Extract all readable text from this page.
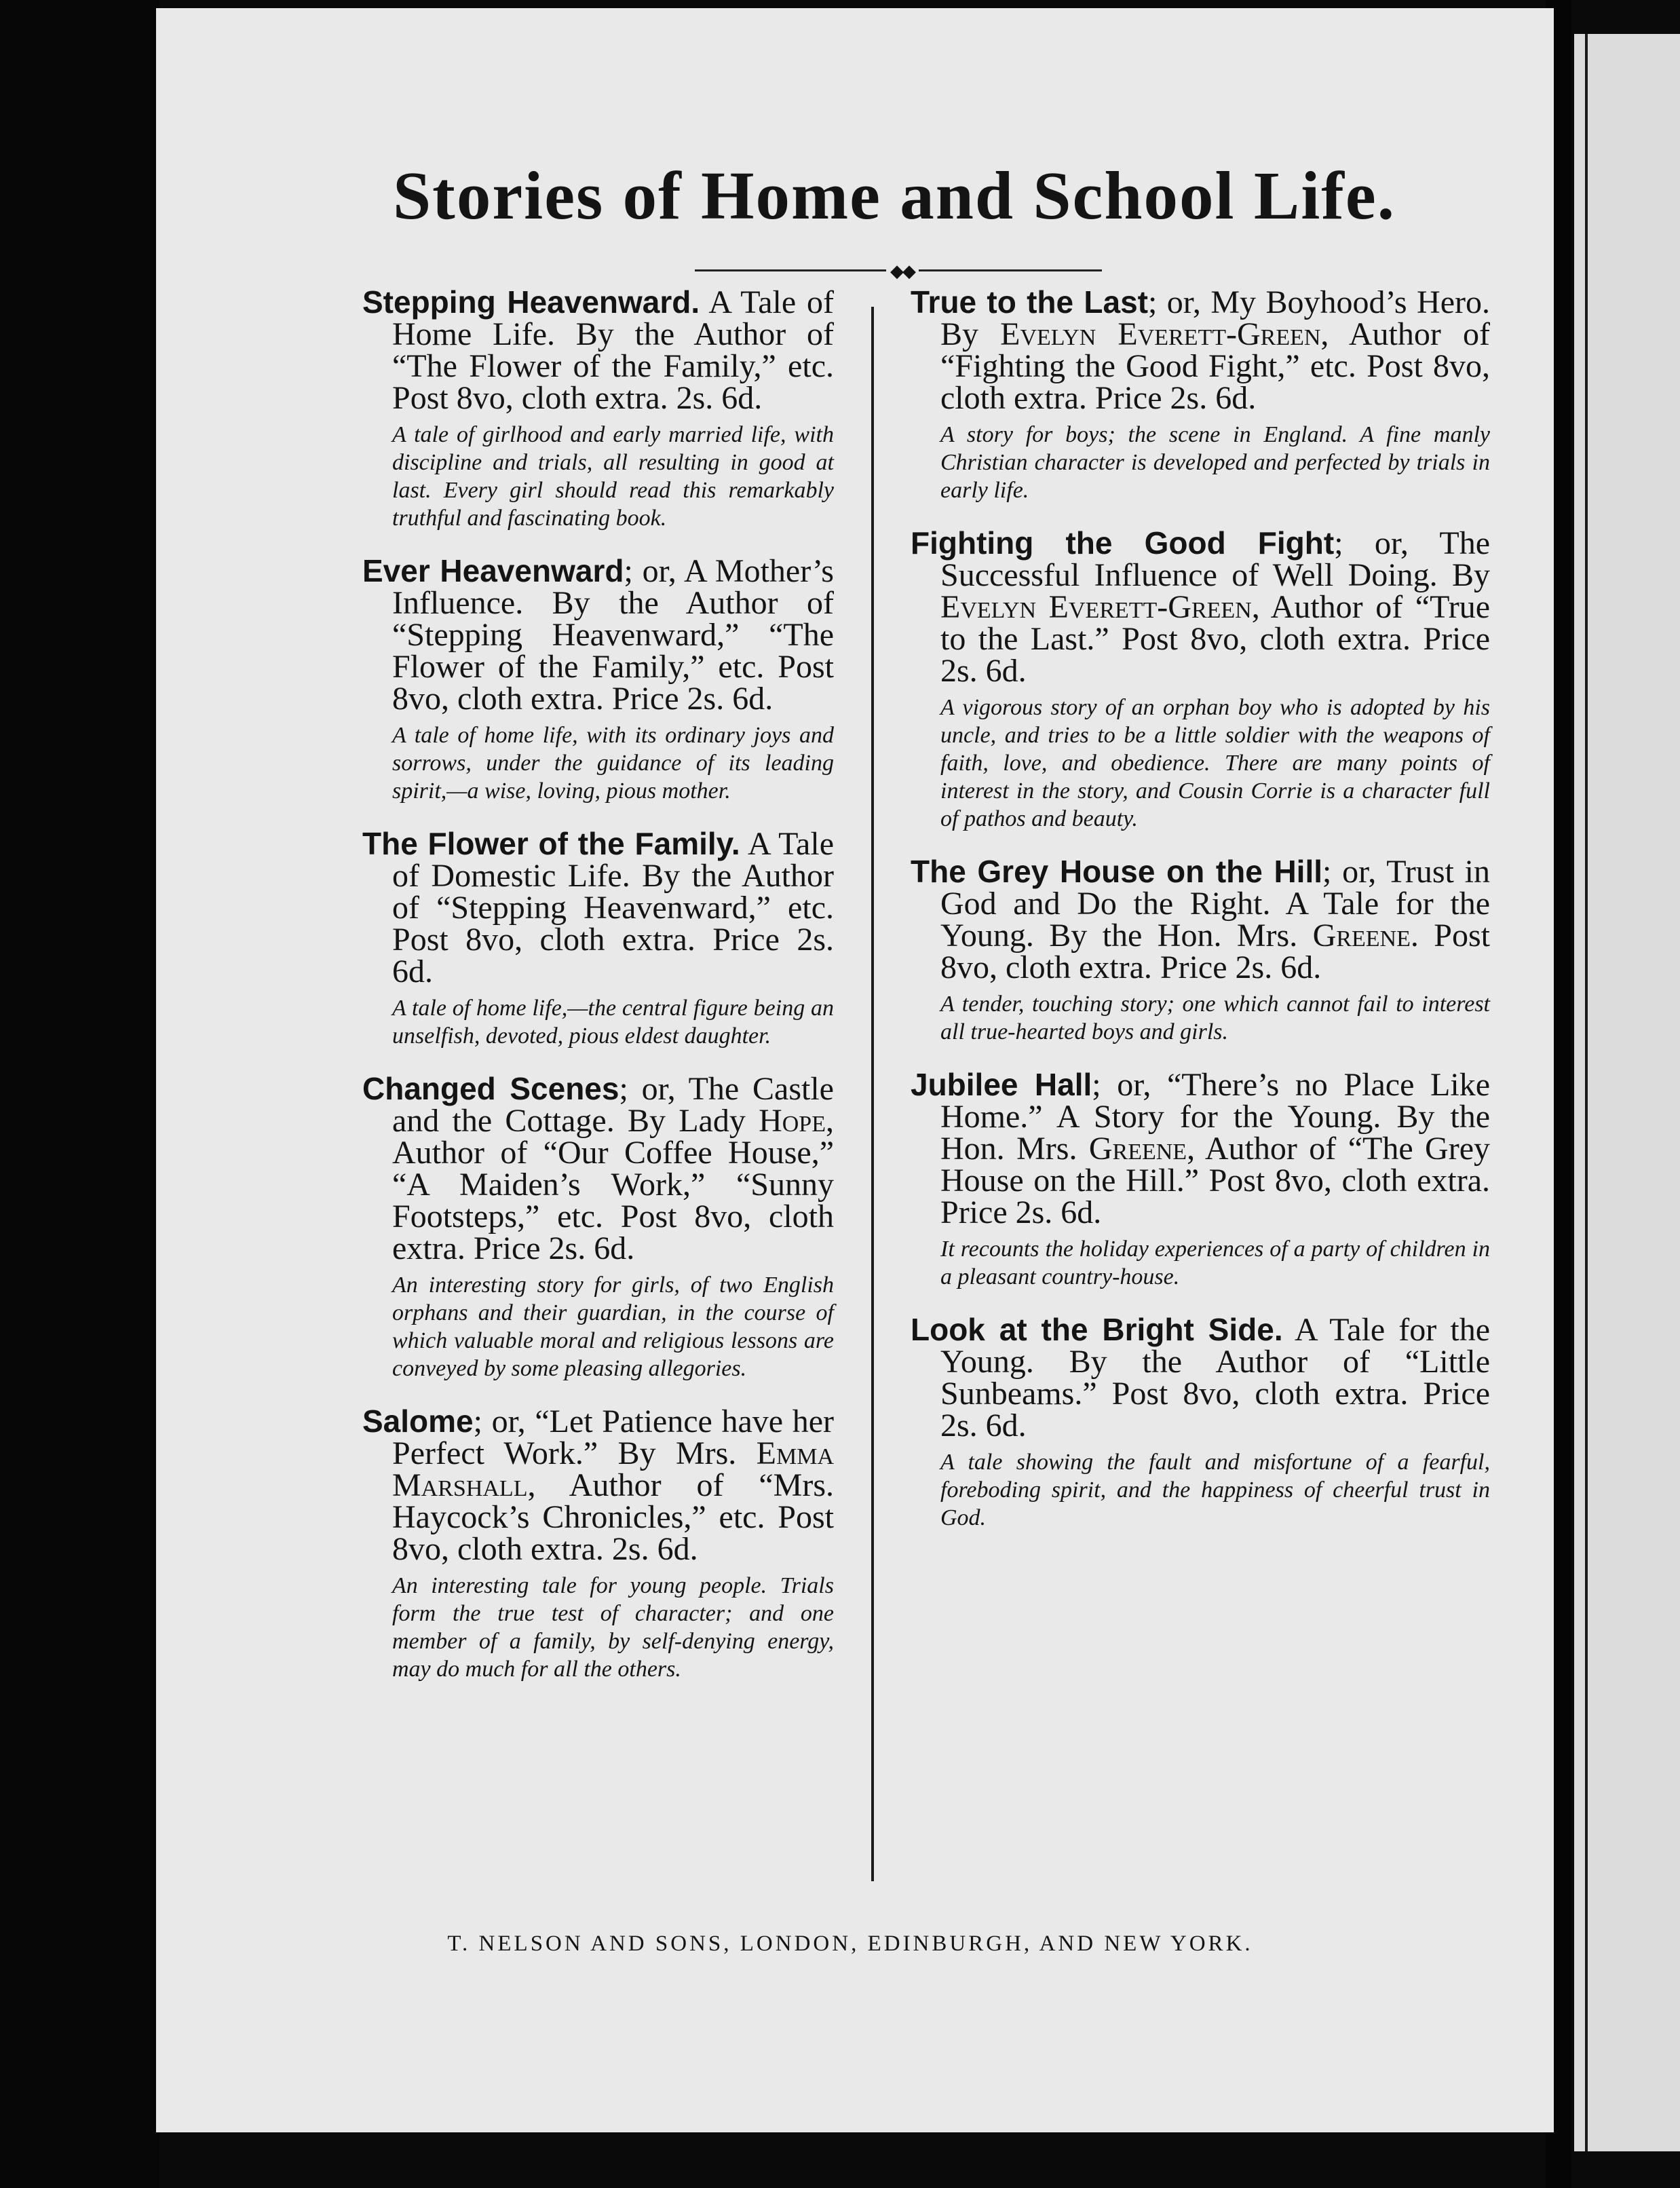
Stories of Home and School Life.
◆
◆

Stepping Heavenward. A Tale of Home Life. By the Author of “The Flower of the Family,” etc. Post 8vo, cloth extra. 2s. 6d.

A tale of girlhood and early married life, with discipline and trials, all resulting in good at last. Every girl should read this remarkably truthful and fascinating book.

Ever Heavenward; or, A Mother’s Influence. By the Author of “Stepping Heavenward,” “The Flower of the Family,” etc. Post 8vo, cloth extra. Price 2s. 6d.

A tale of home life, with its ordinary joys and sorrows, under the guidance of its leading spirit,—a wise, loving, pious mother.

The Flower of the Family. A Tale of Domestic Life. By the Author of “Stepping Heavenward,” etc. Post 8vo, cloth extra. Price 2s. 6d.

A tale of home life,—the central figure being an unselfish, devoted, pious eldest daughter.

Changed Scenes; or, The Castle and the Cottage. By Lady Hope, Author of “Our Coffee House,” “A Maiden’s Work,” “Sunny Footsteps,” etc. Post 8vo, cloth extra. Price 2s. 6d.

An interesting story for girls, of two English orphans and their guardian, in the course of which valuable moral and religious lessons are conveyed by some pleasing allegories.

Salome; or, “Let Patience have her Perfect Work.” By Mrs. Emma Marshall, Author of “Mrs. Haycock’s Chronicles,” etc. Post 8vo, cloth extra. 2s. 6d.

An interesting tale for young people. Trials form the true test of character; and one member of a family, by self-denying energy, may do much for all the others.

True to the Last; or, My Boyhood’s Hero. By Evelyn Everett-Green, Author of “Fighting the Good Fight,” etc. Post 8vo, cloth extra. Price 2s. 6d.

A story for boys; the scene in England. A fine manly Christian character is developed and perfected by trials in early life.

Fighting the Good Fight; or, The Successful Influence of Well Doing. By Evelyn Everett-Green, Author of “True to the Last.” Post 8vo, cloth extra. Price 2s. 6d.

A vigorous story of an orphan boy who is adopted by his uncle, and tries to be a little soldier with the weapons of faith, love, and obedience. There are many points of interest in the story, and Cousin Corrie is a character full of pathos and beauty.

The Grey House on the Hill; or, Trust in God and Do the Right. A Tale for the Young. By the Hon. Mrs. Greene. Post 8vo, cloth extra. Price 2s. 6d.

A tender, touching story; one which cannot fail to interest all true-hearted boys and girls.

Jubilee Hall; or, “There’s no Place Like Home.” A Story for the Young. By the Hon. Mrs. Greene, Author of “The Grey House on the Hill.” Post 8vo, cloth extra. Price 2s. 6d.

It recounts the holiday experiences of a party of children in a pleasant country-house.

Look at the Bright Side. A Tale for the Young. By the Author of “Little Sunbeams.” Post 8vo, cloth extra. Price 2s. 6d.

A tale showing the fault and misfortune of a fearful, foreboding spirit, and the happiness of cheerful trust in God.

T. NELSON AND SONS, LONDON, EDINBURGH, AND NEW YORK.
